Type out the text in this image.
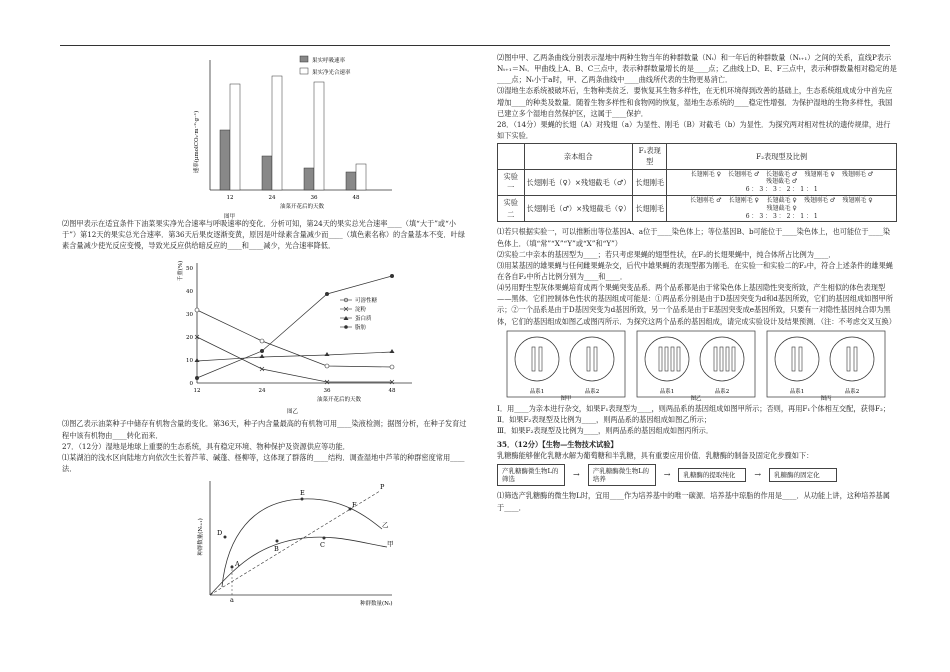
速率(μmolCO₂·m⁻²·g⁻¹)
果实呼吸速率
果实净光合速率
12	24	36	48
油菜开花后的天数
图甲

⑵图甲表示在适宜条件下油菜果实净光合速率与呼吸速率的变化．分析可知，第24天的果实总光合速率____（填“大于”或“小于”）第12天的果实总光合速率．第36天后果皮逐渐变黄，原因是叶绿素含量减少而____（填色素名称）的含量基本不变．叶绿素含量减少使光反应变慢，导致光反应供给暗反应的____和____减少，光合速率降低．

千重(%)
0
10
20
30
40
50
12	24	36	48
可溶性糖
淀粉
蛋白质
脂肪
油菜开花后的天数
图乙

⑶图乙表示油菜种子中储存有机物含量的变化．第36天，种子内含量最高的有机物可用____染液检测；据图分析，在种子发育过程中该有机物由____转化而来．

27．（12分）湿地是地球上重要的生态系统，具有稳定环境、物种保护及资源供应等功能．

⑴某湖泊的浅水区向陆地方向依次生长着芦苇、碱蓬、柽柳等，这体现了群落的____结构．调查湿地中芦苇的种群密度常用____法．

种群数量(Nₜ₊₁)
A
B	C
D
E
F
P
乙
甲
a	种群数量(Nₜ)

⑵图中甲、乙两条曲线分别表示湿地中两种生物当年的种群数量（Nₜ）和一年后的种群数量（Nₜ₊₁）之间的关系，直线P表示Nₜ₊₁＝Nₜ．甲曲线上A、B、C三点中，表示种群数量增长的是____点；乙曲线上D、E、F三点中，表示种群数量相对稳定的是____点；Nₜ小于a时，甲、乙两条曲线中____曲线所代表的生物更易消亡．

⑶湿地生态系统被破坏后，生物种类贫乏．要恢复其生物多样性，在无机环境得到改善的基础上，生态系统组成成分中首先应增加____的种类及数量．随着生物多样性和食物网的恢复，湿地生态系统的____稳定性增强．为保护湿地的生物多样性，我国已建立多个湿地自然保护区，这属于____保护．

28．（14分）果蝇的长翅（A）对残翅（a）为显性、刚毛（B）对截毛（b）为显性．为探究两对相对性状的遗传规律，进行如下实验．

	亲本组合	F₁表现型	F₂表现型及比例
实验一	长翅刚毛（♀）×残翅截毛（♂）	长翅刚毛	长翅刚毛 ♀ 长翅刚毛 ♂ 长翅截毛 ♂ 残翅刚毛 ♀ 残翅刚毛 ♂ 残翅截毛 ♂
6 ： 3 ： 3 ： 2 ： 1 ： 1

实验二	长翅刚毛（♂）×残翅截毛（♀）	长翅刚毛	长翅刚毛 ♂ 长翅刚毛 ♀ 长翅截毛 ♀ 残翅刚毛 ♂ 残翅刚毛 ♀ 残翅截毛 ♀
6 ： 3 ： 3 ： 2 ： 1 ： 1

⑴若只根据实验一，可以推断出等位基因A、a位于____染色体上；等位基因B、b可能位于____染色体上，也可能位于____染色体上．（填“常”“X”“Y”或“X”和“Y”）

⑵实验二中亲本的基因型为____；若只考虑果蝇的翅型性状，在F₂的长翅果蝇中，纯合体所占比例为____．

⑶用某基因的雄果蝇与任何雌果蝇杂交，后代中雄果蝇的表现型都为刚毛．在实验一和实验二的F₂中，符合上述条件的雄果蝇在各自F₂中所占比例分别为____和____．

⑷另用野生型灰体果蝇培育成两个果蝇突变品系．两个品系都是由于常染色体上基因隐性突变所致，产生相似的体色表现型——黑体．它们控制体色性状的基因组成可能是：①两品系分别是由于D基因突变为d和d基因所致，它们的基因组成如图甲所示；②一个品系是由于D基因突变为d基因所致，另一个品系是由于E基因突变成e基因所致，只要有一对隐性基因纯合即为黑体，它们的基因组成如图乙或图丙所示．为探究这两个品系的基因组成，请完成实验设计及结果预测．（注：不考虑交叉互换）

品系1	品系2	品系1	品系2	品系1	品系2
图甲	图乙	图丙

Ⅰ．用____为亲本进行杂交，如果F₁表现型为____，则两品系的基因组成如图甲所示；否则，再用F₁个体相互交配，获得F₂；

Ⅱ．如果F₂表现型及比例为____，则两品系的基因组成如图乙所示；

Ⅲ．如果F₂表现型及比例为____，则两品系的基因组成如图丙所示．

35．（12分）【生物—生物技术试验】

乳糖酶能够催化乳糖水解为葡萄糖和半乳糖，具有重要应用价值．乳糖酶的制备及固定化步骤如下：

产乳糖酶微生物L的筛选
→	产乳糖酶微生物L的培养
→	乳糖酶的提取纯化	→	乳糖酶的固定化

⑴筛选产乳糖酶的微生物L时，宜用____作为培养基中的唯一碳源．培养基中琼脂的作用是____．从功能上讲，这种培养基属于____．
